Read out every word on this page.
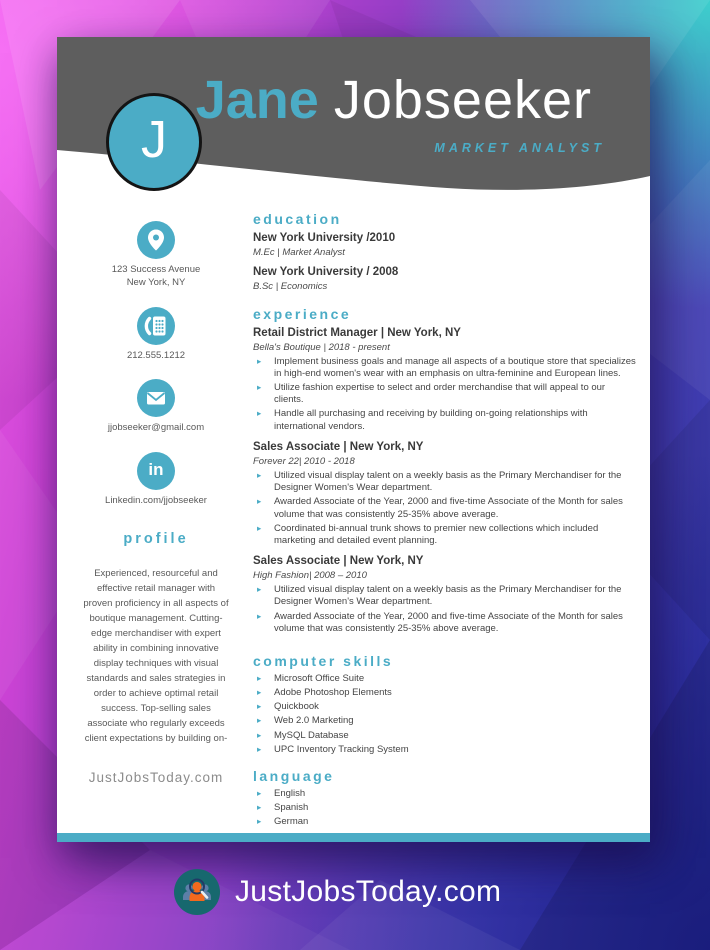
Jane Jobseeker
MARKET ANALYST
J
123 Success Avenue
New York, NY
212.555.1212
jjobseeker@gmail.com
in
Linkedin.com/jjobseeker
profile
Experienced, resourceful and
effective retail manager with
proven proficiency in all aspects of
boutique management. Cutting-
edge merchandiser with expert
ability in combining innovative
display techniques with visual
standards and sales strategies in
order to achieve optimal retail
success. Top-selling sales
associate who regularly exceeds
client expectations by building on-
JustJobsToday.com
education
New York University /2010
M.Ec | Market Analyst
New York University / 2008
B.Sc | Economics
experience
Retail District Manager | New York, NY
Bella's Boutique | 2018 - present
▸	Implement business goals and manage all aspects of a boutique store that specializes in high-end women's wear with an emphasis on ultra-feminine and European lines.
▸	Utilize fashion expertise to select and order merchandise that will appeal to our clients.
▸	Handle all purchasing and receiving by building on-going relationships with international vendors.
Sales Associate | New York, NY
Forever 22| 2010 - 2018
▸	Utilized visual display talent on a weekly basis as the Primary Merchandiser for the Designer Women's Wear department.
▸	Awarded Associate of the Year, 2000 and five-time Associate of the Month for sales volume that was consistently 25-35% above average.
▸	Coordinated bi-annual trunk shows to premier new collections which included marketing and detailed event planning.
Sales Associate | New York, NY
High Fashion| 2008 – 2010
▸	Utilized visual display talent on a weekly basis as the Primary Merchandiser for the Designer Women's Wear department.
▸	Awarded Associate of the Year, 2000 and five-time Associate of the Month for sales volume that was consistently 25-35% above average.
computer skills
▸	Microsoft Office Suite
▸	Adobe Photoshop Elements
▸	Quickbook
▸	Web 2.0 Marketing
▸	MySQL Database
▸	UPC Inventory Tracking System
language
▸	English
▸	Spanish
▸	German
JustJobsToday.com
